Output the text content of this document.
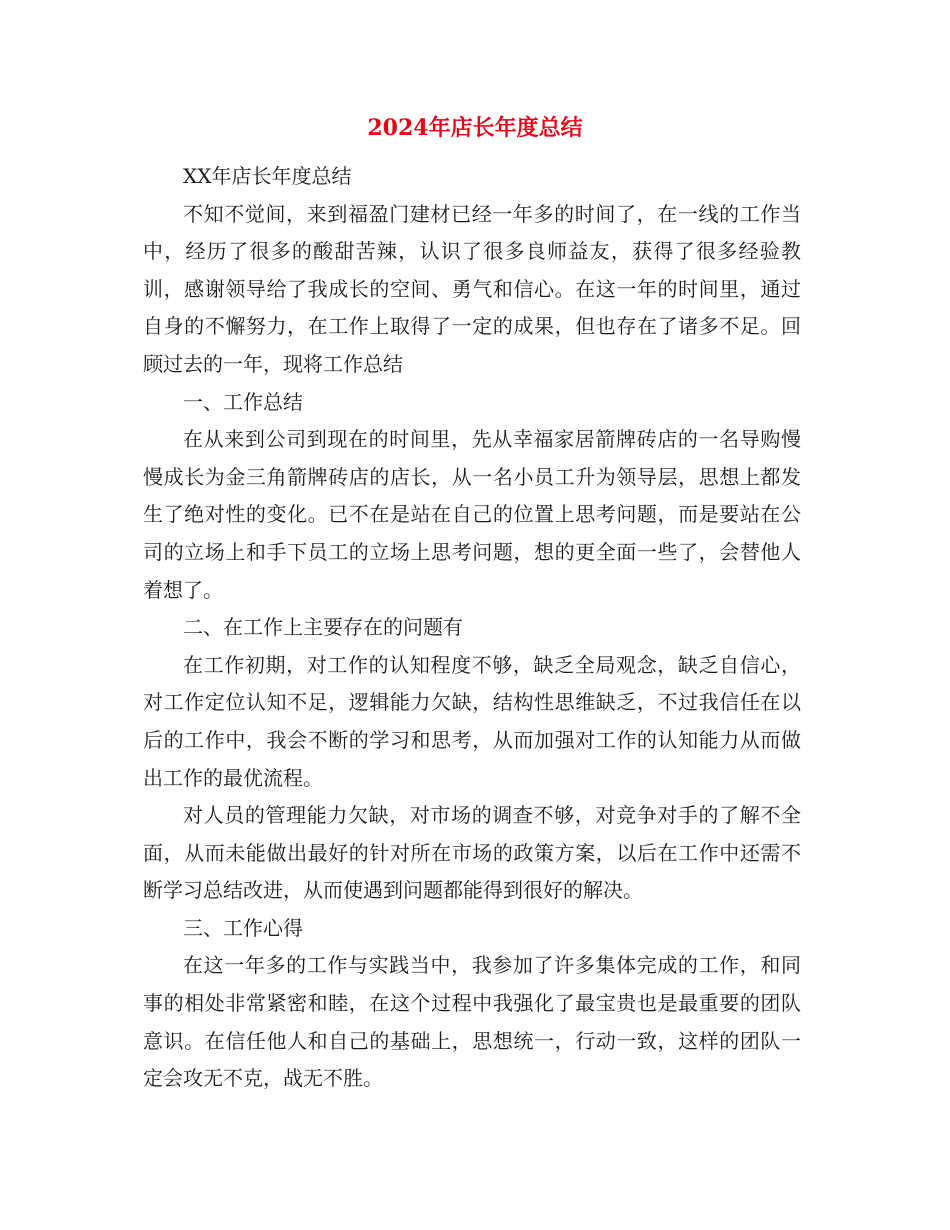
2024年店长年度总结

XX年店长年度总结

不知不觉间，来到福盈门建材已经一年多的时间了，在一线的工作当中，经历了很多的酸甜苦辣，认识了很多良师益友，获得了很多经验教训，感谢领导给了我成长的空间、勇气和信心。在这一年的时间里，通过自身的不懈努力，在工作上取得了一定的成果，但也存在了诸多不足。回顾过去的一年，现将工作总结

一、工作总结

在从来到公司到现在的时间里，先从幸福家居箭牌砖店的一名导购慢慢成长为金三角箭牌砖店的店长，从一名小员工升为领导层，思想上都发生了绝对性的变化。已不在是站在自己的位置上思考问题，而是要站在公司的立场上和手下员工的立场上思考问题，想的更全面一些了，会替他人着想了。

二、在工作上主要存在的问题有

在工作初期，对工作的认知程度不够，缺乏全局观念，缺乏自信心，对工作定位认知不足，逻辑能力欠缺，结构性思维缺乏，不过我信任在以后的工作中，我会不断的学习和思考，从而加强对工作的认知能力从而做出工作的最优流程。

对人员的管理能力欠缺，对市场的调查不够，对竞争对手的了解不全面，从而未能做出最好的针对所在市场的政策方案，以后在工作中还需不断学习总结改进，从而使遇到问题都能得到很好的解决。

三、工作心得

在这一年多的工作与实践当中，我参加了许多集体完成的工作，和同事的相处非常紧密和睦，在这个过程中我强化了最宝贵也是最重要的团队意识。在信任他人和自己的基础上，思想统一，行动一致，这样的团队一定会攻无不克，战无不胜。
